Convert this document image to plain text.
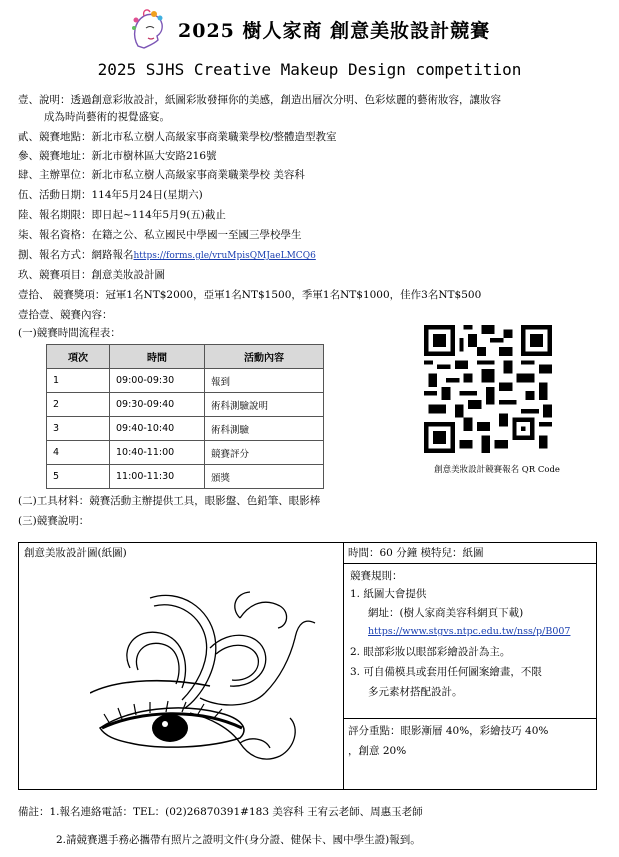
2025 樹人家商 創意美妝設計競賽
2025 SJHS Creative Makeup Design competition
壹、說明：透過創意彩妝設計，紙圖彩妝發揮你的美感，創造出層次分明、色彩炫麗的藝術妝容，讓妝容
成為時尚藝術的視覺盛宴。
貳、競賽地點：新北市私立樹人高級家事商業職業學校/整體造型教室
參、競賽地址：新北市樹林區大安路216號
肆、主辦單位：新北市私立樹人高級家事商業職業學校 美容科
伍、活動日期：114年5月24日(星期六)
陸、報名期限：即日起~114年5月9(五)截止
柒、報名資格：在籍之公、私立國民中學國一至國三學校學生
捌、報名方式：網路報名https://forms.gle/vruMpisQMJaeLMCQ6
玖、競賽項目：創意美妝設計圖
壹拾、 競賽獎項：冠軍1名NT$2000，亞軍1名NT$1500，季軍1名NT$1000，佳作3名NT$500
壹拾壹、競賽內容：
(一)競賽時間流程表：
項次	時間	活動內容
1	09:00-09:30	報到
2	09:30-09:40	術科測驗說明
3	09:40-10:40	術科測驗
4	10:40-11:00	競賽評分
5	11:00-11:30	頒獎
創意美妝設計競賽報名 QR Code
(二)工具材料：競賽活動主辦提供工具，眼影盤、色鉛筆、眼影棒
(三)競賽說明：
創意美妝設計圖(紙圖)	時間：60 分鐘 模特兒：紙圖
競賽規則：
1. 紙圖大會提供
網址：(樹人家商美容科網頁下載)
https://www.stgvs.ntpc.edu.tw/nss/p/B007
2. 眼部彩妝以眼部彩繪設計為主。
3. 可自備模具或套用任何圖案繪畫，不限
多元素材搭配設計。
評分重點：眼影漸層 40%，彩繪技巧 40%
，創意 20%
備註：1.報名連絡電話：TEL：(02)26870391#183 美容科 王宥云老師、周惠玉老師
2.請競賽選手務必攜帶有照片之證明文件(身分證、健保卡、國中學生證)報到。
